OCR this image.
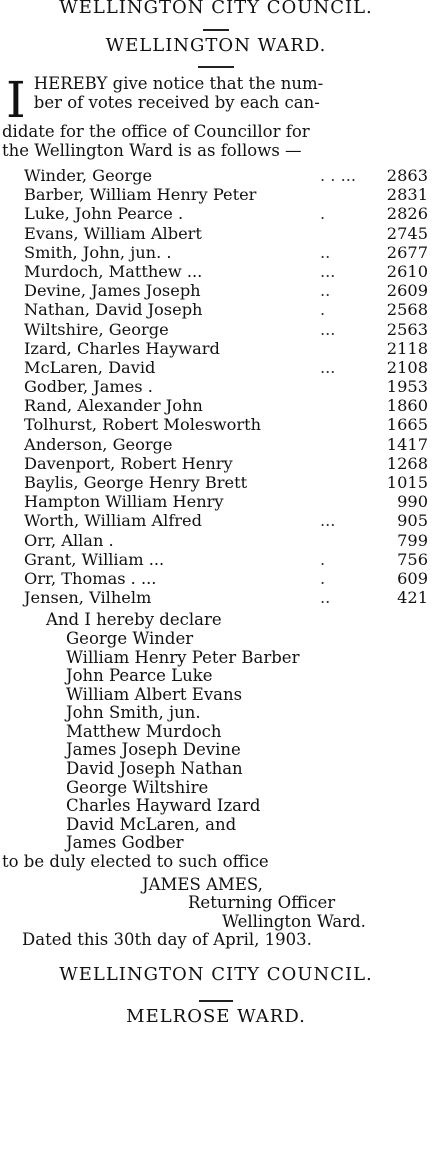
WELLINGTON CITY COUNCIL.
WELLINGTON WARD.
I HEREBY give notice that the num-
ber of votes received by each can-
didate for the office of Councillor for
the Wellington Ward is as follows —
Winder, George	. . ...	2863
Barber, William Henry Peter	2831
Luke, John Pearce .	.	2826
Evans, William Albert	2745
Smith, John, jun. .	..	2677
Murdoch, Matthew ...	...	2610
Devine, James Joseph	..	2609
Nathan, David Joseph	.	2568
Wiltshire, George	...	2563
Izard, Charles Hayward	2118
McLaren, David	...	2108
Godber, James .	1953
Rand, Alexander John	1860
Tolhurst, Robert Molesworth	1665
Anderson, George	1417
Davenport, Robert Henry	1268
Baylis, George Henry Brett	1015
Hampton William Henry	990
Worth, William Alfred	...	905
Orr, Allan .	799
Grant, William ...	.	756
Orr, Thomas . ...	.	609
Jensen, Vilhelm	..	421
And I hereby declare
George Winder
William Henry Peter Barber
John Pearce Luke
William Albert Evans
John Smith, jun.
Matthew Murdoch
James Joseph Devine
David Joseph Nathan
George Wiltshire
Charles Hayward Izard
David McLaren, and
James Godber
to be duly elected to such office
JAMES AMES,
Returning Officer
Wellington Ward.
Dated this 30th day of April, 1903.
WELLINGTON CITY COUNCIL.
MELROSE WARD.
